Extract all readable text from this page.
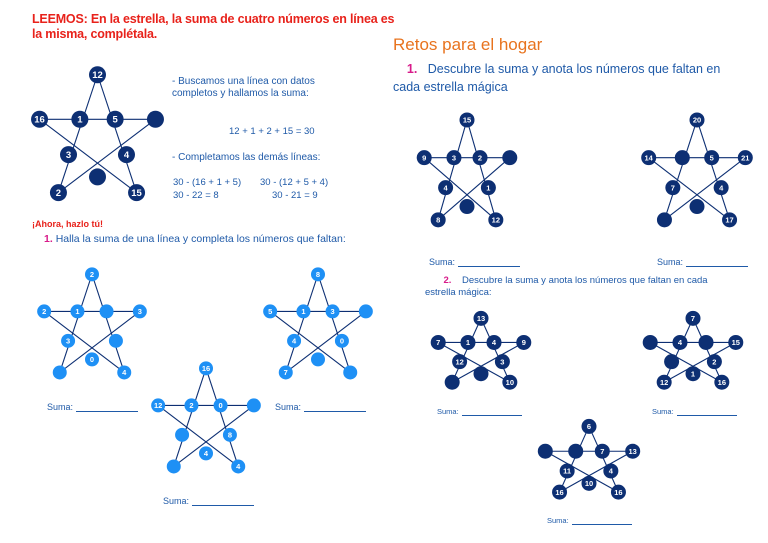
LEEMOS: En la estrella, la suma de cuatro números en línea es
la misma, complétala.
12
16
2	15
1	5
4
3
- Buscamos una línea con datos
completos y hallamos la suma:
12 + 1 + 2 + 15 = 30
- Completamos las demás líneas:
30 - (16 + 1 + 5) 30 - (12 + 5 + 4)
30 - 22 = 8	30 - 21 = 9
¡Ahora, hazlo tú!
1. Halla la suma de una línea y completa los números que faltan:
2
2	3
4
1
3
0
8
5
7
1	3
0
4
16
12
4
2	0
8
4
Suma:	Suma:
Suma:
Retos para el hogar
1. Descubre la suma y anota los números que faltan en
cada estrella mágica
15
9
8	12
3	2
1
4
20
14	21
17
5
4
7
Suma:	Suma:
2. Descubre la suma y anota los números que faltan en cada
estrella mágica:
13
7	9
10
1	4
3
12
7
15
12	16
4
2
1
6
13
16	16
7
4
11
10
Suma:	Suma:
Suma:
